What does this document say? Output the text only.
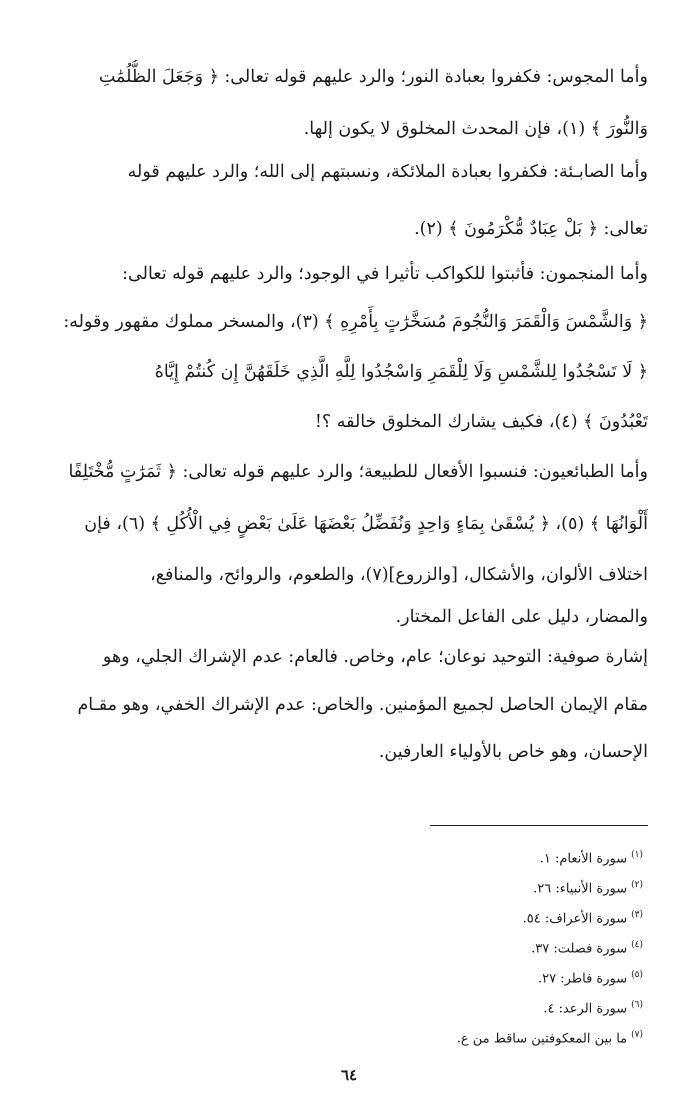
وأما المجوس: فكفروا بعبادة النور؛ والرد عليهم قوله تعالى: ﴿ وَجَعَلَ الظُّلُمَٰتِ
وَالنُّورَ ﴾ (١)، فإن المحدث المخلوق لا يكون إلها.
وأما الصابـئة: فكفروا بعبادة الملائكة، ونسبتهم إلى الله؛ والرد عليهم قوله
تعالى: ﴿ بَلْ عِبَادٌ مُّكْرَمُونَ ﴾ (٢).
وأما المنجمون: فأثبتوا للكواكب تأثيرا في الوجود؛ والرد عليهم قوله تعالى:
﴿ وَالشَّمْسَ وَالْقَمَرَ وَالنُّجُومَ مُسَخَّرَٰتٍ بِأَمْرِهِ ﴾ (٣)، والمسخر مملوك مقهور وقوله:
﴿ لَا تَسْجُدُوا لِلشَّمْسِ وَلَا لِلْقَمَرِ وَاسْجُدُوا لِلَّهِ الَّذِي خَلَقَهُنَّ إِن كُنتُمْ إِيَّاهُ
تَعْبُدُونَ ﴾ (٤)، فكيف يشارك المخلوق خالقه ؟!
وأما الطبائعيون: فنسبوا الأفعال للطبيعة؛ والرد عليهم قوله تعالى: ﴿ ثَمَرَٰتٍ مُّخْتَلِفًا
أَلْوَانُهَا ﴾ (٥)، ﴿ يُسْقَىٰ بِمَاءٍ وَاحِدٍ وَنُفَضِّلُ بَعْضَهَا عَلَىٰ بَعْضٍ فِي الْأُكُلِ ﴾ (٦)، فإن
اختلاف الألوان، والأشكال، [والزروع](٧)، والطعوم، والروائح، والمنافع،
والمضار، دليل على الفاعل المختار.
إشارة صوفية: التوحيد نوعان؛ عام، وخاص. فالعام: عدم الإشراك الجلي، وهو
مقام الإيمان الحاصل لجميع المؤمنين. والخاص: عدم الإشراك الخفي، وهو مقـام
الإحسان، وهو خاص بالأولياء العارفين.
$^{(١)}$سورة الأنعام: ١.
$^{(٢)}$سورة الأنبياء: ٢٦.
$^{(٣)}$سورة الأعراف: ٥٤.
$^{(٤)}$سورة فصلت: ٣٧.
$^{(٥)}$سورة فاطر: ٢٧.
$^{(٦)}$سورة الرعد: ٤.
$^{(٧)}$ما بين المعكوفتين ساقط من ع.
٦٤
